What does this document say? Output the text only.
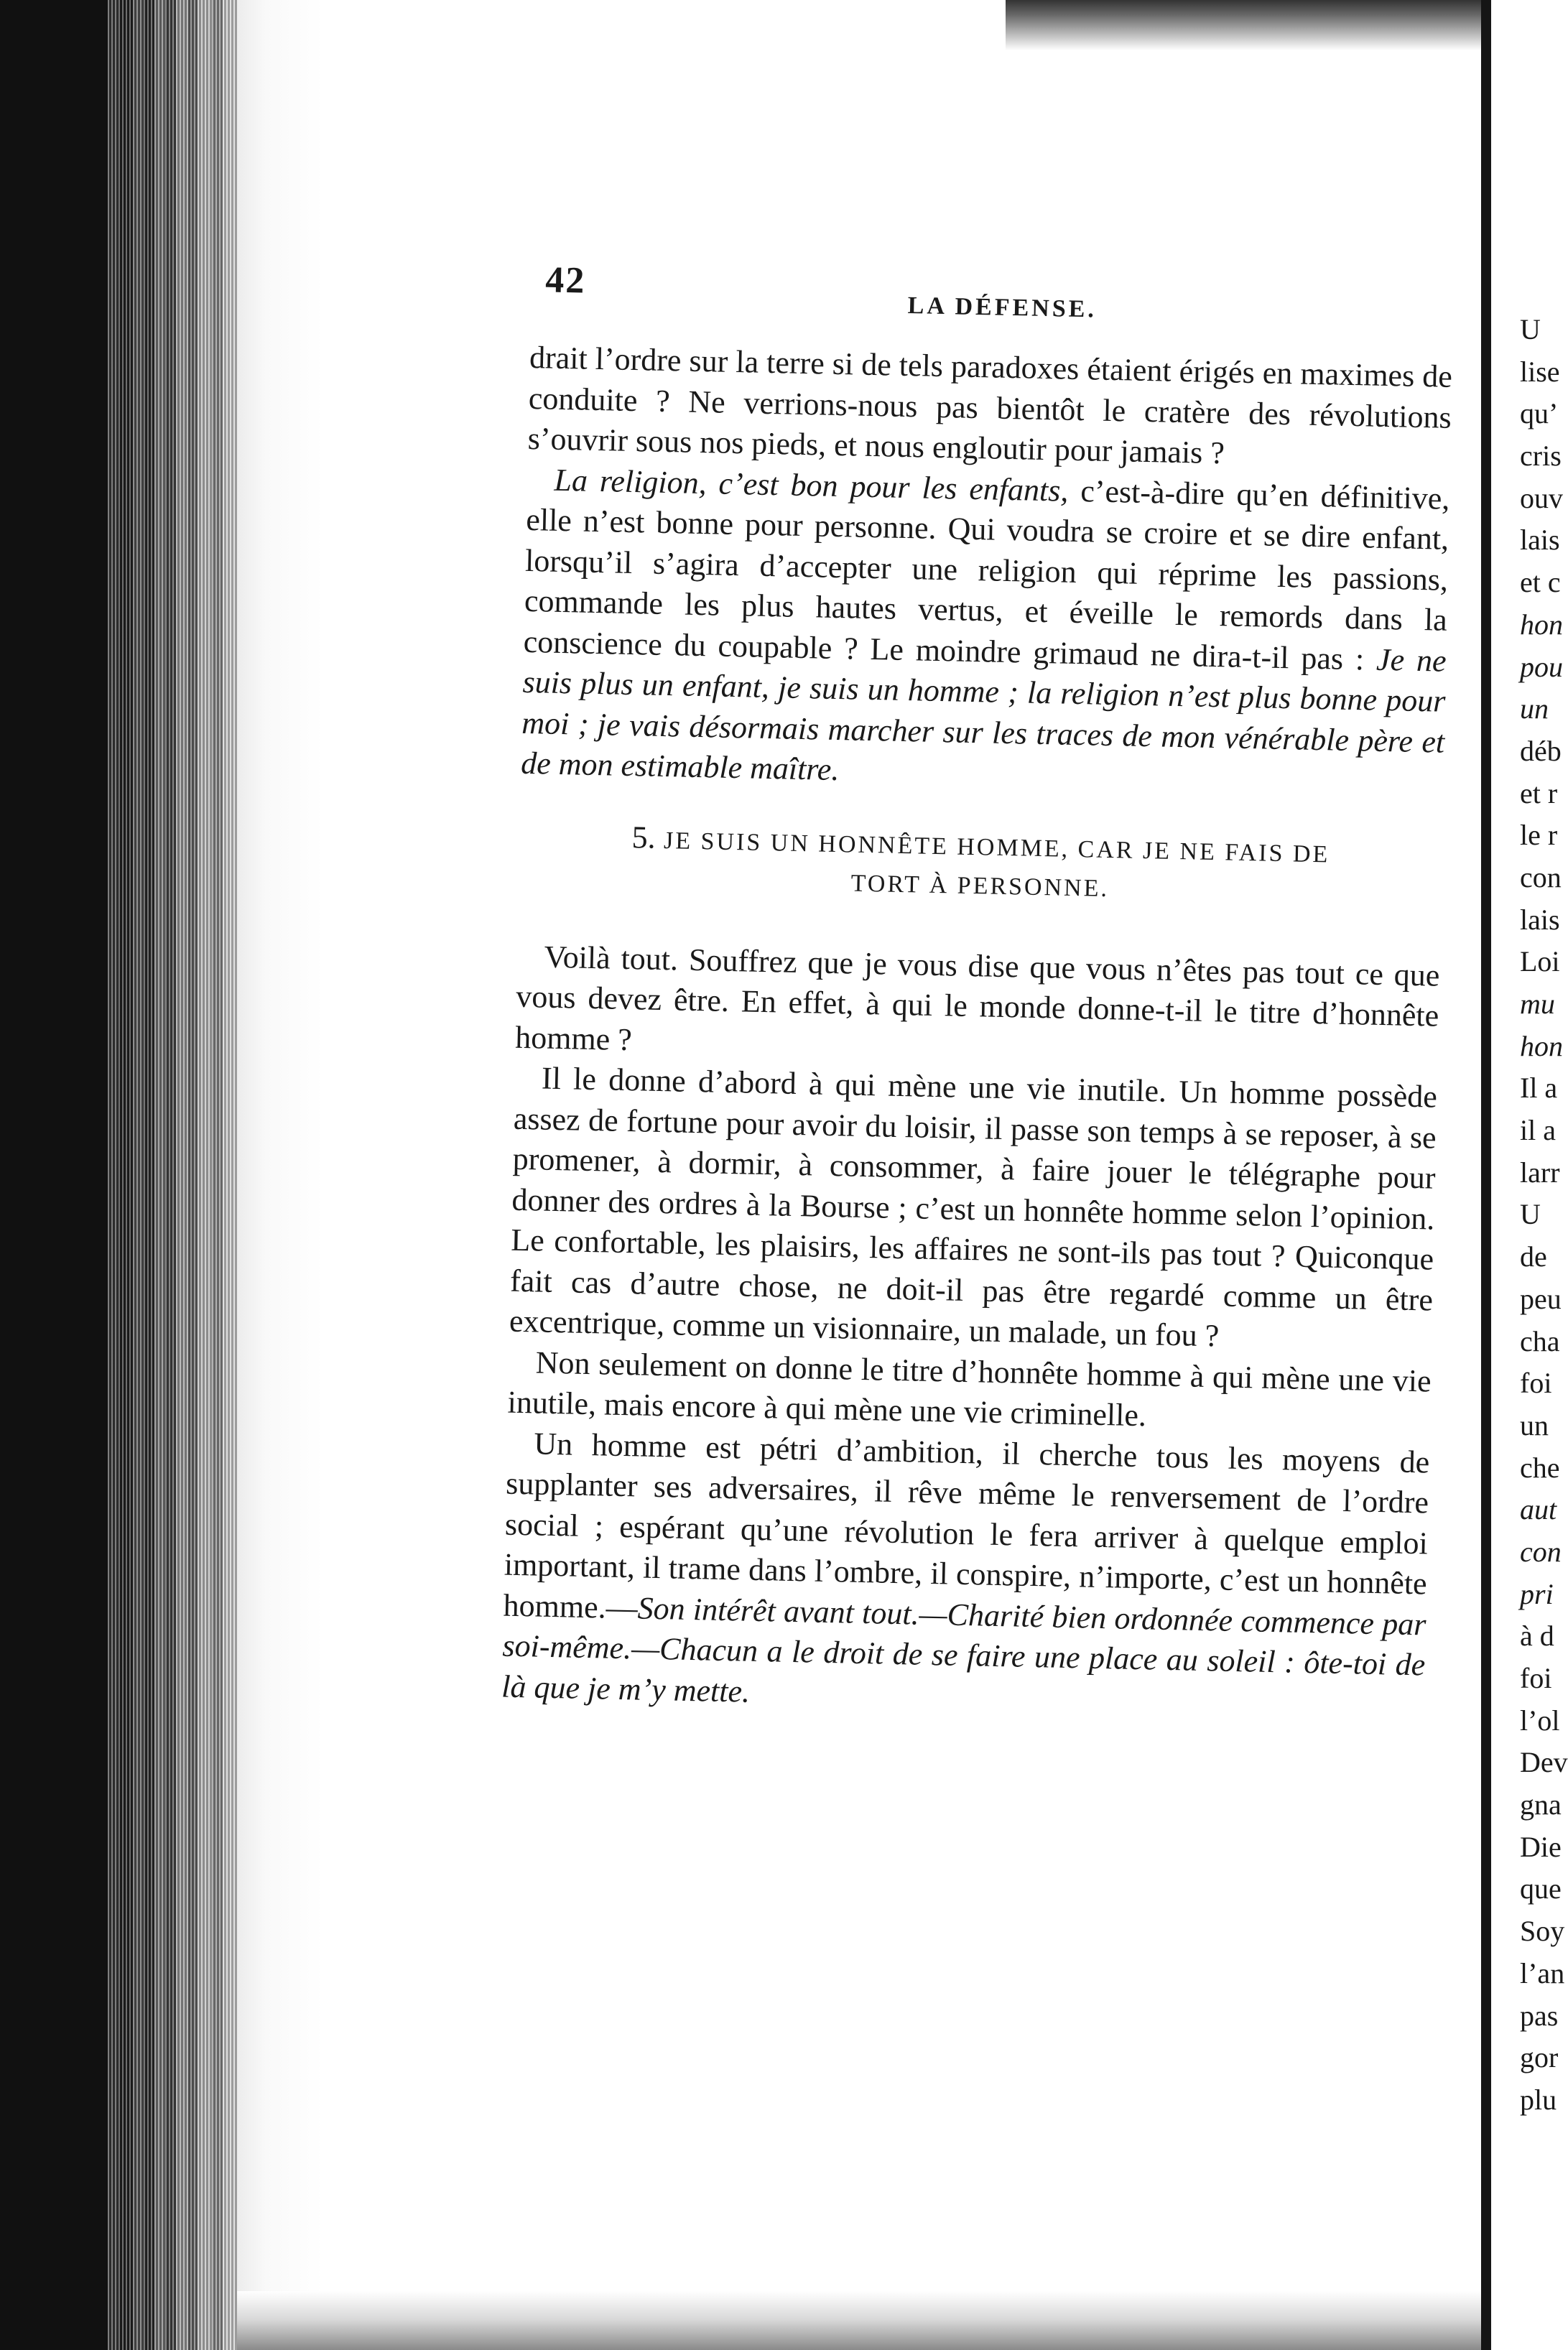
U
lise
qu’
cris
ouv
lais
et c
hon
pou
un
déb
et r
le r
con
lais
Loi
mu
hon
Il a
il a
larr
U
de
peu
cha
foi
un
che
aut
con
pri
à d
foi
l’ol
Dev
gna
Die
que
Soy
l’an
pas
gor
plu
42
LA DÉFENSE.

drait l’ordre sur la terre si de tels paradoxes étaient érigés en maximes de conduite ? Ne verrions-nous pas bientôt le cratère des révolutions s’ouvrir sous nos pieds, et nous engloutir pour jamais ?

La religion, c’est bon pour les enfants, c’est-à-dire qu’en définitive, elle n’est bonne pour personne. Qui voudra se croire et se dire enfant, lorsqu’il s’agira d’accepter une religion qui réprime les passions, commande les plus hautes vertus, et éveille le remords dans la conscience du coupable ? Le moindre grimaud ne dira-t-il pas : Je ne suis plus un enfant, je suis un homme ; la religion n’est plus bonne pour moi ; je vais désormais marcher sur les traces de mon vénérable père et de mon estimable maître.

5. JE SUIS UN HONNÊTE HOMME, CAR JE NE FAIS DE
TORT À PERSONNE.

Voilà tout. Souffrez que je vous dise que vous n’êtes pas tout ce que vous devez être. En effet, à qui le monde donne-t-il le titre d’honnête homme ?

Il le donne d’abord à qui mène une vie inutile. Un homme possède assez de fortune pour avoir du loisir, il passe son temps à se reposer, à se promener, à dormir, à consommer, à faire jouer le télégraphe pour donner des ordres à la Bourse ; c’est un honnête homme selon l’opinion. Le confortable, les plaisirs, les affaires ne sont-ils pas tout ? Quiconque fait cas d’autre chose, ne doit-il pas être regardé comme un être excentrique, comme un visionnaire, un malade, un fou ?

Non seulement on donne le titre d’honnête homme à qui mène une vie inutile, mais encore à qui mène une vie criminelle.

Un homme est pétri d’ambition, il cherche tous les moyens de supplanter ses adversaires, il rêve même le renversement de l’ordre social ; espérant qu’une révolution le fera arriver à quelque emploi important, il trame dans l’ombre, il conspire, n’importe, c’est un honnête homme.—Son intérêt avant tout.—Charité bien ordonnée commence par soi-même.—Chacun a le droit de se faire une place au soleil : ôte-toi de là que je m’y mette.
